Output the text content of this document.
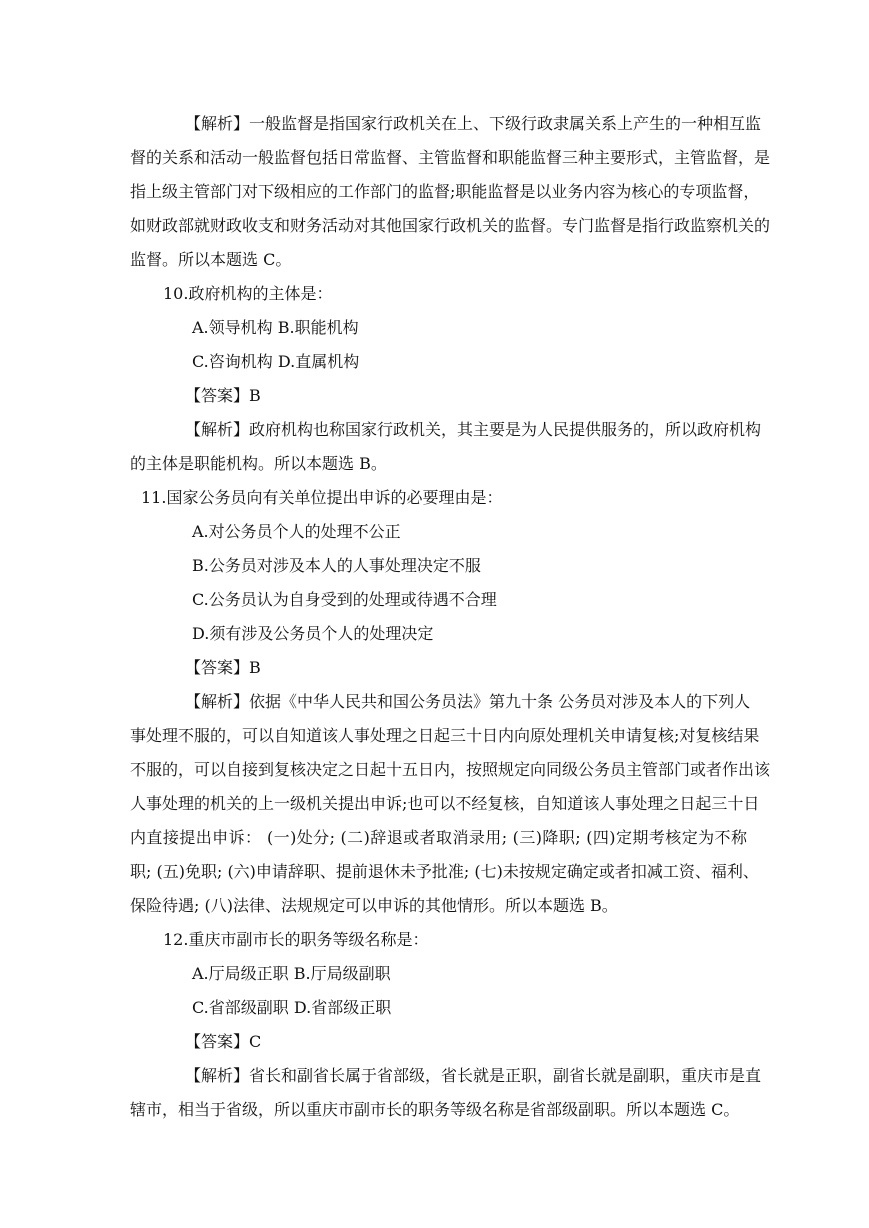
【解析】一般监督是指国家行政机关在上、下级行政隶属关系上产生的一种相互监
督的关系和活动一般监督包括日常监督、主管监督和职能监督三种主要形式，主管监督，是
指上级主管部门对下级相应的工作部门的监督;职能监督是以业务内容为核心的专项监督，
如财政部就财政收支和财务活动对其他国家行政机关的监督。专门监督是指行政监察机关的
监督。所以本题选 C。
10.政府机构的主体是：
A.领导机构 B.职能机构
C.咨询机构 D.直属机构
【答案】B
【解析】政府机构也称国家行政机关，其主要是为人民提供服务的，所以政府机构
的主体是职能机构。所以本题选 B。
11.国家公务员向有关单位提出申诉的必要理由是：
A.对公务员个人的处理不公正
B.公务员对涉及本人的人事处理决定不服
C.公务员认为自身受到的处理或待遇不合理
D.须有涉及公务员个人的处理决定
【答案】B
【解析】依据《中华人民共和国公务员法》第九十条 公务员对涉及本人的下列人
事处理不服的，可以自知道该人事处理之日起三十日内向原处理机关申请复核;对复核结果
不服的，可以自接到复核决定之日起十五日内，按照规定向同级公务员主管部门或者作出该
人事处理的机关的上一级机关提出申诉;也可以不经复核，自知道该人事处理之日起三十日
内直接提出申诉： (一)处分; (二)辞退或者取消录用; (三)降职; (四)定期考核定为不称
职; (五)免职; (六)申请辞职、提前退休未予批准; (七)未按规定确定或者扣减工资、福利、
保险待遇; (八)法律、法规规定可以申诉的其他情形。所以本题选 B。
12.重庆市副市长的职务等级名称是：
A.厅局级正职 B.厅局级副职
C.省部级副职 D.省部级正职
【答案】C
【解析】省长和副省长属于省部级，省长就是正职，副省长就是副职，重庆市是直
辖市，相当于省级，所以重庆市副市长的职务等级名称是省部级副职。所以本题选 C。
